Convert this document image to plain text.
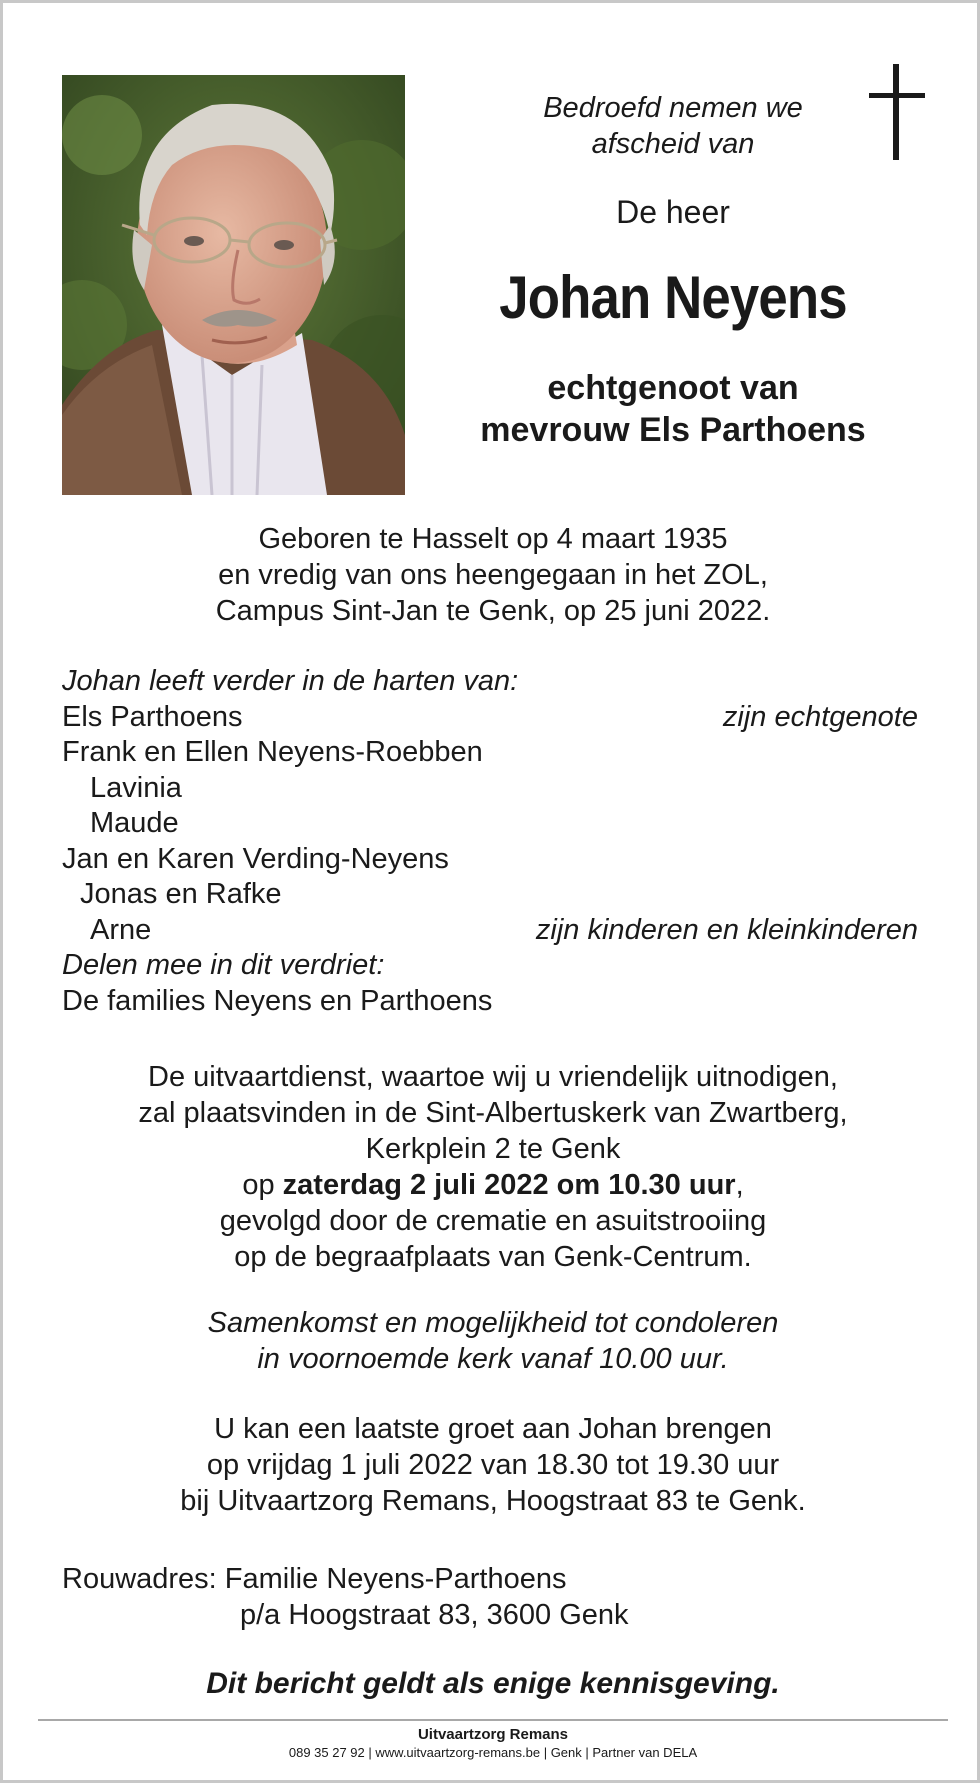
Bedroefd nemen we
afscheid van
De heer
Johan Neyens
echtgenoot van
mevrouw Els Parthoens
Geboren te Hasselt op 4 maart 1935
en vredig van ons heengegaan in het ZOL,
Campus Sint-Jan te Genk, op 25 juni 2022.
Johan leeft verder in de harten van:
Els Parthoens	zijn echtgenote
Frank en Ellen Neyens-Roebben
Lavinia
Maude
Jan en Karen Verding-Neyens
Jonas en Rafke
Arne	zijn kinderen en kleinkinderen
Delen mee in dit verdriet:
De families Neyens en Parthoens
De uitvaartdienst, waartoe wij u vriendelijk uitnodigen,
zal plaatsvinden in de Sint-Albertuskerk van Zwartberg,
Kerkplein 2 te Genk
op zaterdag 2 juli 2022 om 10.30 uur,
gevolgd door de crematie en asuitstrooiing
op de begraafplaats van Genk-Centrum.
Samenkomst en mogelijkheid tot condoleren
in voornoemde kerk vanaf 10.00 uur.
U kan een laatste groet aan Johan brengen
op vrijdag 1 juli 2022 van 18.30 tot 19.30 uur
bij Uitvaartzorg Remans, Hoogstraat 83 te Genk.
Rouwadres: Familie Neyens-Parthoens
p/a Hoogstraat 83, 3600 Genk
Dit bericht geldt als enige kennisgeving.
Uitvaartzorg Remans
089 35 27 92 | www.uitvaartzorg-remans.be | Genk | Partner van DELA
